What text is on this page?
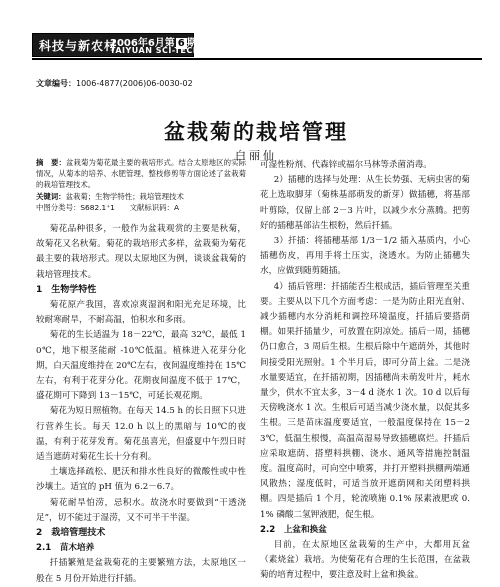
科技与新农村
2006年6月第 6 期
TAIYUAN SCI-TECH
文章编号：1006-4877(2006)06-0030-02
盆栽菊的栽培管理
白丽仙

摘　要：盆栽菊为菊花最主要的栽培形式。结合太原地区的实际情况，从菊本的培养、水肥管理、整枝修剪等方面论述了盆栽菊的栽培管理技术。

关键词：盆栽菊；生物学特性；栽培管理技术

中图分类号：S682.1⁺1　　 文献标识码：A

菊花品种很多，一般作为盆栽观赏的主要是秋菊，故菊花又名秋菊。菊花的栽培形式多样，盆栽菊为菊花最主要的栽培形式。现以太原地区为例，谈谈盆栽菊的栽培管理技术。

1　生物学特性

菊花原产我国，喜欢凉爽湿润和阳光充足环境，比较耐寒耐旱，不耐高温，怕积水和多雨。

菊花的生长适温为 18－22℃，最高 32℃，最低 10℃，地下根茎能耐 -10℃低温。植株进入花芽分化期，白天温度维持在 20℃左右，夜间温度维持在 15℃左右，有利于花芽分化。花期夜间温度不低于 17℃，盛花期可下降到 13－15℃，可延长观花期。

菊花为短日照植物。在每天 14.5 h 的长日照下只进行营养生长。每天 12.0 h 以上的黑暗与 10℃的夜温，有利于花芽发育。菊花虽喜光，但盛夏中午烈日时适当遮荫对菊花生长十分有利。

土壤选择疏松、肥沃和排水性良好的微酸性或中性沙壤土。适宜的 pH 值为 6.2－6.7。

菊花耐旱怕涝，忌积水。故浇水时要做到“干透浇足”，切不能过于湿涝，又不可半干半湿。

2　栽培管理技术

2.1　苗木培养

扦插繁殖是盆栽菊花的主要繁殖方法，太原地区一般在 5 月份开始进行扦插。

可湿性粉剂、代森锌或福尔马林等杀菌消毒。

2）插穗的选择与处理：从生长势强、无病虫害的菊花上选取脚芽（菊株基部萌发的新芽）做插穗，将基部叶剪除，仅留上部 2－3 片叶，以减少水分蒸腾。把剪好的插穗基部沾生根粉，然后扦插。

3）扦插：将插穗基部 1/3－1/2 插入基质内，小心插穗伤皮，再用手将土压实，浇透水。为防止插穗失水，应做到随剪随插。

4）插后管理：扦插能否生根成活，插后管理至关重要。主要从以下几个方面考虑：一是为防止阳光直射、减少插穗内水分消耗和调控环境温度，扦插后要搭荫棚。如果扦插量少，可放置在阴凉处。插后一周，插穗仍口愈合，3 周后生根。生根后除中午遮荫外，其他时间接受阳光照射。1 个半月后，即可分苗上盆。二是浇水量要适宜，在扦插初期，因插穗尚未萌发叶片，耗水量少，供水不宜太多，3－4 d 浇水 1 次。10 d 以后每天傍晚浇水 1 次。生根后可适当减少浇水量，以促其多生根。三是苗床温度要适宜，一般温度保持在 15－23℃，低温生根慢，高温高湿易导致插穗腐烂。扦插后应采取遮荫、搭塑料拱棚、浇水、通风等措施控制温度。温度高时，可向空中喷雾，并打开塑料拱棚两端通风散热；湿度低时，可适当放开遮荫网和关闭塑料拱棚。四是插后 1 个月，轮流喷施 0.1% 尿素液肥或 0.1% 磷酸二氢钾液肥，促生根。

2.2　上盆和换盆

目前，在太原地区盆栽菊的生产中，大都用瓦盆（素烧盆）栽培。为使菊花有合理的生长范围，在盆栽菊的培育过程中，要注意及时上盆和换盆。
